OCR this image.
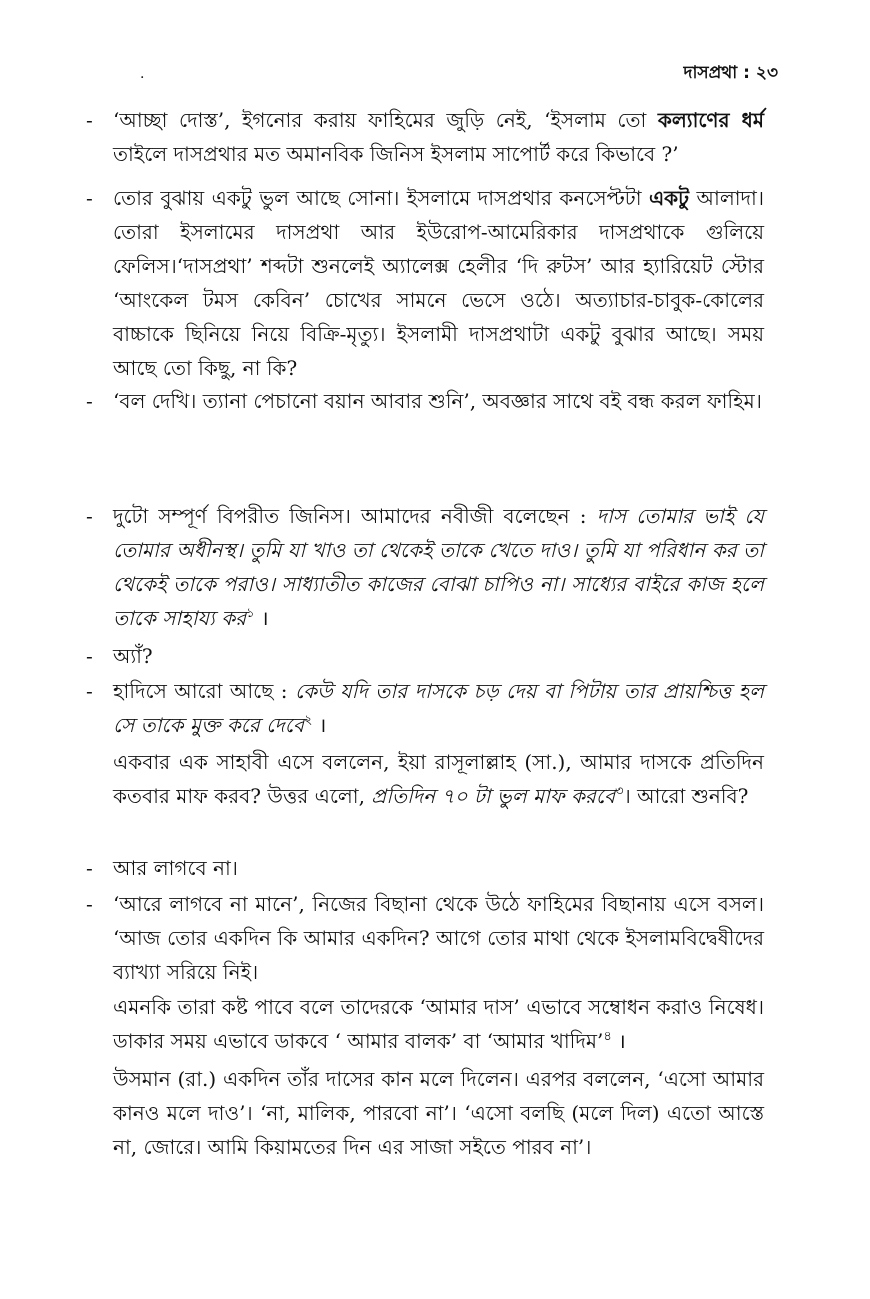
দাসপ্রথা : ২৩
·
- ‘আচ্ছা দোস্ত’, ইগনোর করায় ফাহিমের জুড়ি নেই, ‘ইসলাম তো কল্যাণের ধর্ম তাইলে দাসপ্রথার মত অমানবিক জিনিস ইসলাম সাপোর্ট করে কিভাবে ?’
- তোর বুঝায় একটু ভুল আছে সোনা। ইসলামে দাসপ্রথার কনসেপ্টটা একটু আলাদা। তোরা ইসলামের দাসপ্রথা আর ইউরোপ-আমেরিকার দাসপ্রথাকে গুলিয়ে ফেলিস।‘দাসপ্রথা’ শব্দটা শুনলেই অ্যালেক্স হেলীর ‘দি রুটস’ আর হ্যারিয়েট স্টোর ‘আংকেল টমস কেবিন’ চোখের সামনে ভেসে ওঠে। অত্যাচার-চাবুক-কোলের বাচ্চাকে ছিনিয়ে নিয়ে বিক্রি-মৃত্যু। ইসলামী দাসপ্রথাটা একটু বুঝার আছে। সময় আছে তো কিছু, না কি?
- ‘বল দেখি। ত্যানা পেচানো বয়ান আবার শুনি’, অবজ্ঞার সাথে বই বন্ধ করল ফাহিম।
- দুটো সম্পূর্ণ বিপরীত জিনিস। আমাদের নবীজী বলেছেন : দাস তোমার ভাই যে তোমার অধীনস্থ। তুমি যা খাও তা থেকেই তাকে খেতে দাও। তুমি যা পরিধান কর তা থেকেই তাকে পরাও। সাধ্যাতীত কাজের বোঝা চাপিও না। সাধ্যের বাইরে কাজ হলে তাকে সাহায্য কর$^১$ ।
- অ্যাঁ?
- হাদিসে আরো আছে : কেউ যদি তার দাসকে চড় দেয় বা পিটায় তার প্রায়শ্চিত্ত হল সে তাকে মুক্ত করে দেবে$^২$ ।
একবার এক সাহাবী এসে বললেন, ইয়া রাসূলাল্লাহ (সা.), আমার দাসকে প্রতিদিন কতবার মাফ করব? উত্তর এলো, প্রতিদিন ৭০ টা ভুল মাফ করবে$^৩$। আরো শুনবি?
- আর লাগবে না।
- ‘আরে লাগবে না মানে’, নিজের বিছানা থেকে উঠে ফাহিমের বিছানায় এসে বসল। ‘আজ তোর একদিন কি আমার একদিন? আগে তোর মাথা থেকে ইসলামবিদ্বেষীদের ব্যাখ্যা সরিয়ে নিই।
এমনকি তারা কষ্ট পাবে বলে তাদেরকে ‘আমার দাস’ এভাবে সম্বোধন করাও নিষেধ। ডাকার সময় এভাবে ডাকবে ‘ আমার বালক’ বা ‘আমার খাদিম’$^৪$ ।
উসমান (রা.) একদিন তাঁর দাসের কান মলে দিলেন। এরপর বললেন, ‘এসো আমার কানও মলে দাও’। ‘না, মালিক, পারবো না’। ‘এসো বলছি (মলে দিল) এতো আস্তে না, জোরে। আমি কিয়ামতের দিন এর সাজা সইতে পারব না’।
